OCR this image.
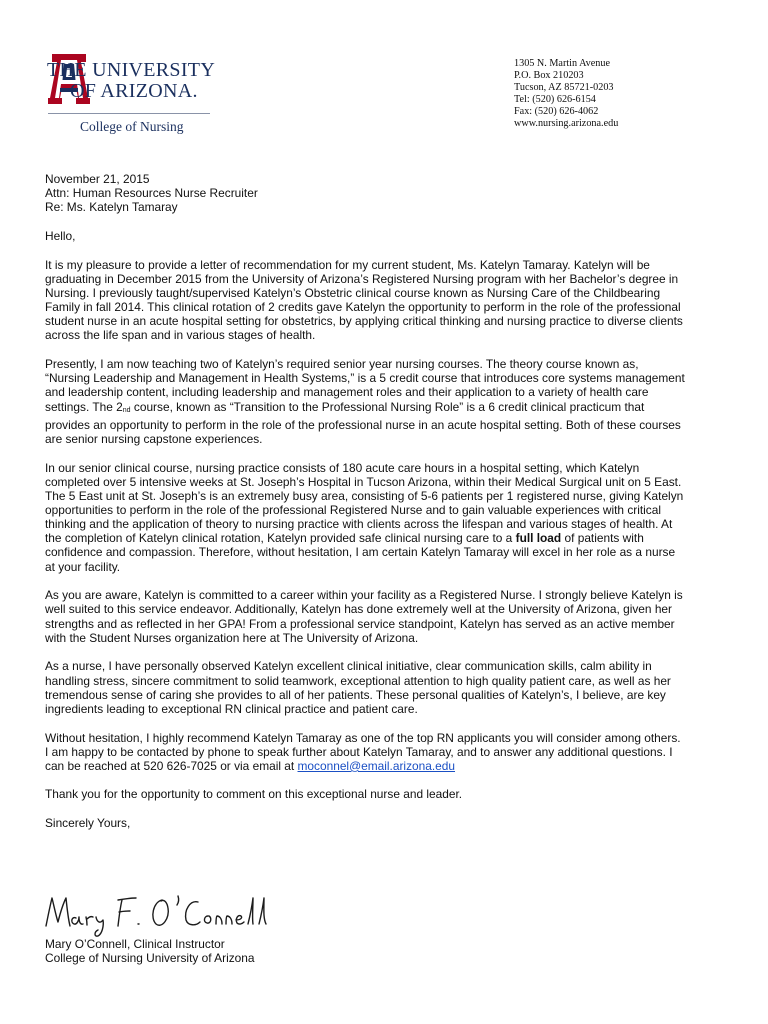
THE UNIVERSITY
OF ARIZONA.
College of Nursing
1305 N. Martin Avenue
P.O. Box 210203
Tucson, AZ 85721-0203
Tel: (520) 626-6154
Fax: (520) 626-4062
www.nursing.arizona.edu

November 21, 2015
Attn: Human Resources Nurse Recruiter
Re: Ms. Katelyn Tamaray

Hello,

It is my pleasure to provide a letter of recommendation for my current student, Ms. Katelyn Tamaray. Katelyn will be
graduating in December 2015 from the University of Arizona’s Registered Nursing program with her Bachelor’s degree in
Nursing. I previously taught/supervised Katelyn’s Obstetric clinical course known as Nursing Care of the Childbearing
Family in fall 2014. This clinical rotation of 2 credits gave Katelyn the opportunity to perform in the role of the professional
student nurse in an acute hospital setting for obstetrics, by applying critical thinking and nursing practice to diverse clients
across the life span and in various stages of health.

Presently, I am now teaching two of Katelyn’s required senior year nursing courses. The theory course known as,
“Nursing Leadership and Management in Health Systems,” is a 5 credit course that introduces core systems management
and leadership content, including leadership and management roles and their application to a variety of health care
settings. The 2nd course, known as “Transition to the Professional Nursing Role” is a 6 credit clinical practicum that
provides an opportunity to perform in the role of the professional nurse in an acute hospital setting. Both of these courses
are senior nursing capstone experiences.

In our senior clinical course, nursing practice consists of 180 acute care hours in a hospital setting, which Katelyn
completed over 5 intensive weeks at St. Joseph’s Hospital in Tucson Arizona, within their Medical Surgical unit on 5 East.
The 5 East unit at St. Joseph’s is an extremely busy area, consisting of 5-6 patients per 1 registered nurse, giving Katelyn
opportunities to perform in the role of the professional Registered Nurse and to gain valuable experiences with critical
thinking and the application of theory to nursing practice with clients across the lifespan and various stages of health. At
the completion of Katelyn clinical rotation, Katelyn provided safe clinical nursing care to a full load of patients with
confidence and compassion. Therefore, without hesitation, I am certain Katelyn Tamaray will excel in her role as a nurse
at your facility.

As you are aware, Katelyn is committed to a career within your facility as a Registered Nurse. I strongly believe Katelyn is
well suited to this service endeavor. Additionally, Katelyn has done extremely well at the University of Arizona, given her
strengths and as reflected in her GPA! From a professional service standpoint, Katelyn has served as an active member
with the Student Nurses organization here at The University of Arizona.

As a nurse, I have personally observed Katelyn excellent clinical initiative, clear communication skills, calm ability in
handling stress, sincere commitment to solid teamwork, exceptional attention to high quality patient care, as well as her
tremendous sense of caring she provides to all of her patients. These personal qualities of Katelyn’s, I believe, are key
ingredients leading to exceptional RN clinical practice and patient care.

Without hesitation, I highly recommend Katelyn Tamaray as one of the top RN applicants you will consider among others.
I am happy to be contacted by phone to speak further about Katelyn Tamaray, and to answer any additional questions. I
can be reached at 520 626-7025 or via email at moconnel@email.arizona.edu

Thank you for the opportunity to comment on this exceptional nurse and leader.

Sincerely Yours,

Mary O’Connell, Clinical Instructor
College of Nursing University of Arizona
